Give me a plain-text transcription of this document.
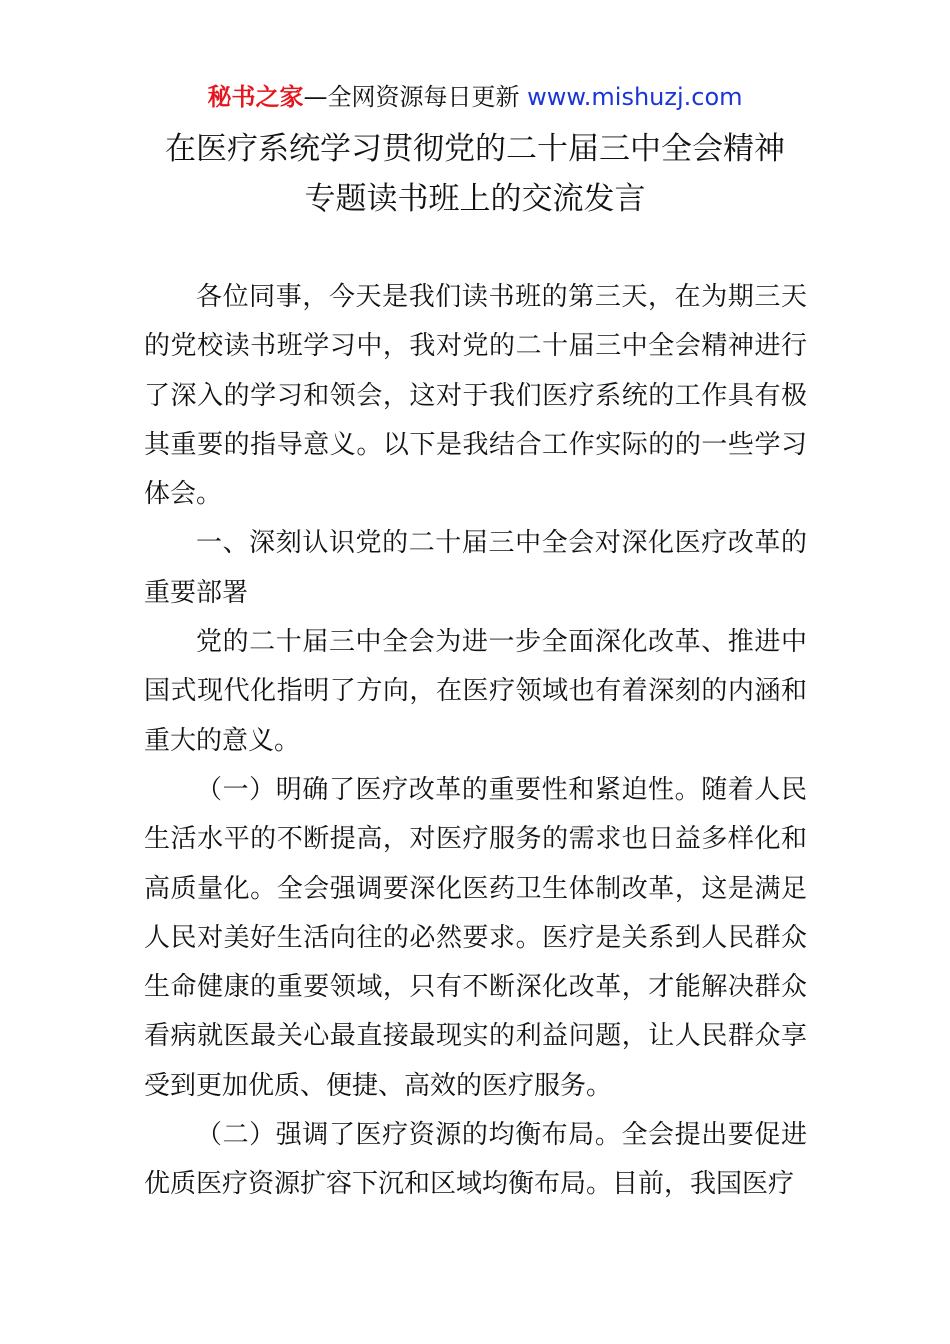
秘书之家—全网资源每日更新 www.mishuzj.com
在医疗系统学习贯彻党的二十届三中全会精神
专题读书班上的交流发言

各位同事，今天是我们读书班的第三天，在为期三天的党校读书班学习中，我对党的二十届三中全会精神进行了深入的学习和领会，这对于我们医疗系统的工作具有极其重要的指导意义。以下是我结合工作实际的的一些学习体会。

一、深刻认识党的二十届三中全会对深化医疗改革的重要部署

党的二十届三中全会为进一步全面深化改革、推进中国式现代化指明了方向，在医疗领域也有着深刻的内涵和重大的意义。

（一）明确了医疗改革的重要性和紧迫性。随着人民生活水平的不断提高，对医疗服务的需求也日益多样化和高质量化。全会强调要深化医药卫生体制改革，这是满足人民对美好生活向往的必然要求。医疗是关系到人民群众生命健康的重要领域，只有不断深化改革，才能解决群众看病就医最关心最直接最现实的利益问题，让人民群众享受到更加优质、便捷、高效的医疗服务。

（二）强调了医疗资源的均衡布局。全会提出要促进优质医疗资源扩容下沉和区域均衡布局。目前，我国医疗
